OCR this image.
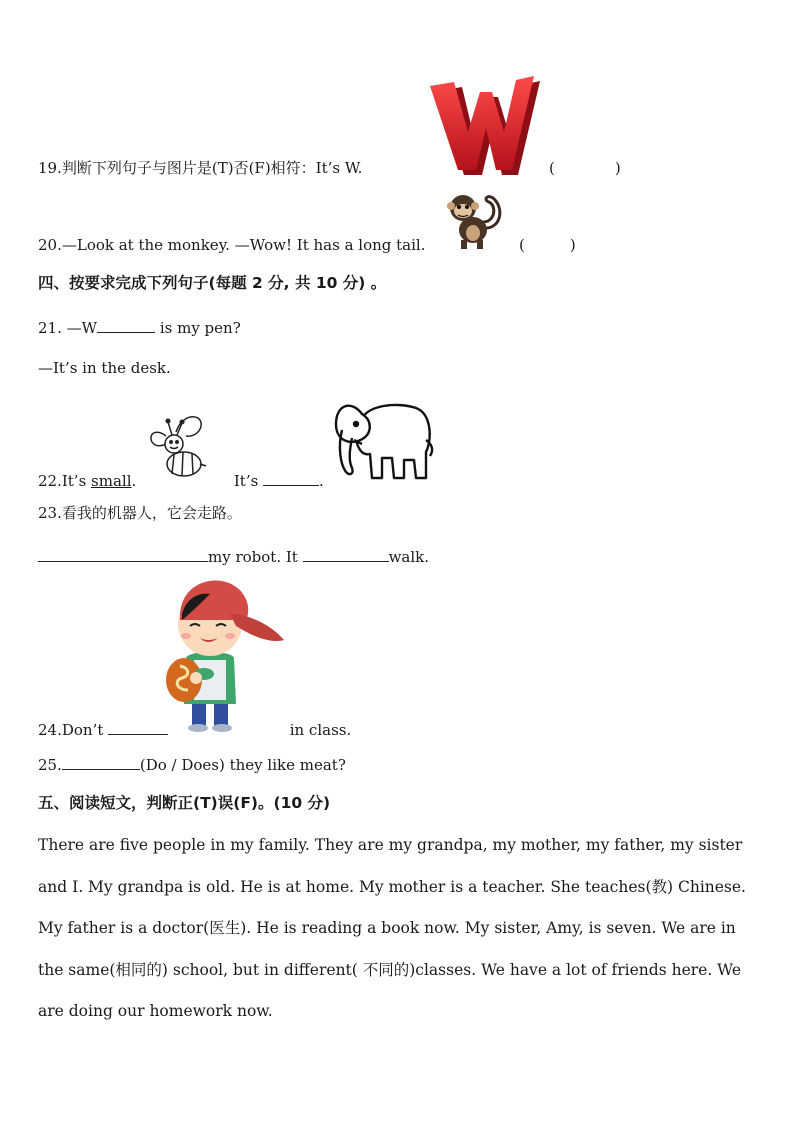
19.判断下列句子与图片是(T)否(F)相符：It’s W.	(　　　　)
20.—Look at the monkey. —Wow! It has a long tail.	(　　　)
四、按要求完成下列句子(每题 2 分, 共 10 分) 。
21. —W	is my pen?
—It’s in the desk.
22.It’s small.	It’s	.
23.看我的机器人，它会走路。
my robot. It	walk.
24.Don’t	in class.
25.	(Do / Does) they like meat?
五、阅读短文，判断正(T)误(F)。(10 分)
There are five people in my family. They are my grandpa, my mother, my father, my sister and I. My grandpa is old. He is at home. My mother is a teacher. She teaches(教) Chinese. My father is a doctor(医生). He is reading a book now. My sister, Amy, is seven. We are in the same(相同的) school, but in different( 不同的)classes. We have a lot of friends here. We are doing our homework now.
